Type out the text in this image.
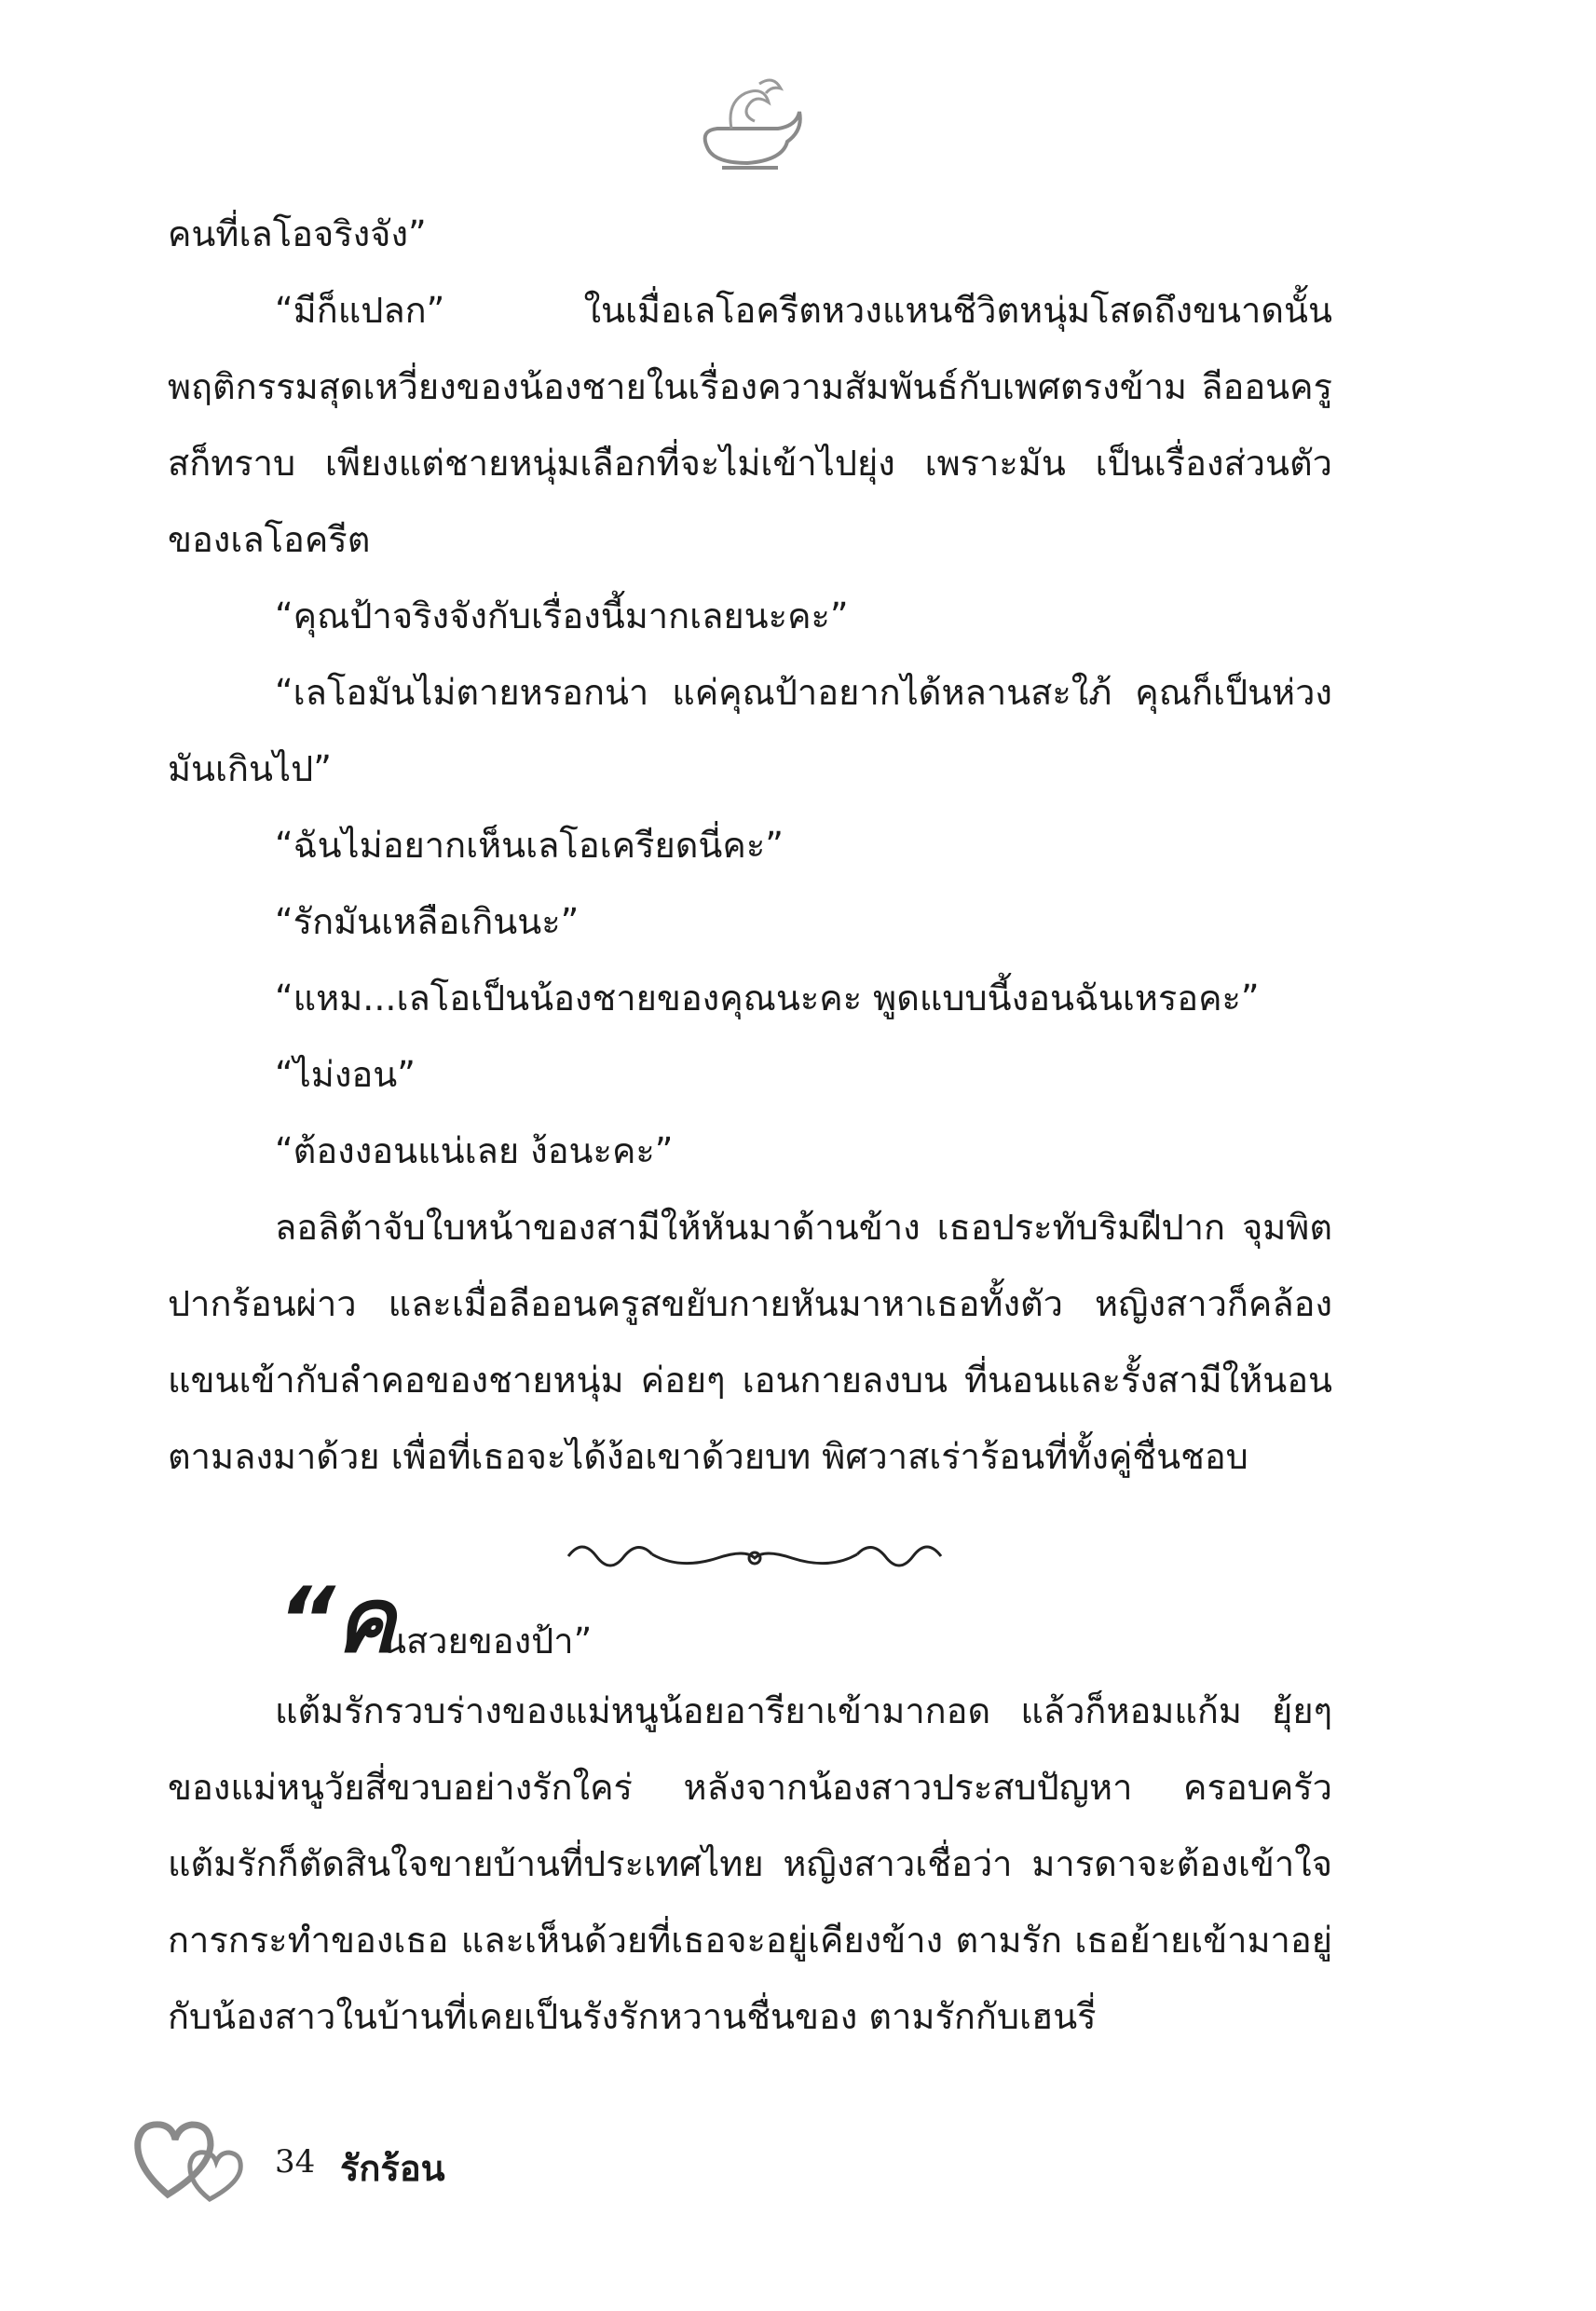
คนที่เลโอจริงจัง”

“มีก็แปลก” ในเมื่อเลโอครีตหวงแหนชีวิตหนุ่มโสดถึงขนาดนั้น พฤติกรรมสุดเหวี่ยงของน้องชายในเรื่องความสัมพันธ์กับเพศตรงข้าม ลีออนครูสก็ทราบ เพียงแต่ชายหนุ่มเลือกที่จะไม่เข้าไปยุ่ง เพราะมัน เป็นเรื่องส่วนตัวของเลโอครีต

“คุณป้าจริงจังกับเรื่องนี้มากเลยนะคะ”

“เลโอมันไม่ตายหรอกน่า แค่คุณป้าอยากได้หลานสะใภ้ คุณก็เป็นห่วง มันเกินไป”

“ฉันไม่อยากเห็นเลโอเครียดนี่คะ”

“รักมันเหลือเกินนะ”

“แหม...เลโอเป็นน้องชายของคุณนะคะ พูดแบบนี้งอนฉันเหรอคะ”

“ไม่งอน”

“ต้องงอนแน่เลย ง้อนะคะ”

ลอลิต้าจับใบหน้าของสามีให้หันมาด้านข้าง เธอประทับริมฝีปาก จุมพิตปากร้อนผ่าว และเมื่อลีออนครูสขยับกายหันมาหาเธอทั้งตัว หญิงสาวก็คล้องแขนเข้ากับลำคอของชายหนุ่ม ค่อยๆ เอนกายลงบน ที่นอนและรั้งสามีให้นอนตามลงมาด้วย เพื่อที่เธอจะได้ง้อเขาด้วยบท พิศวาสเร่าร้อนที่ทั้งคู่ชื่นชอบ

“ค
นสวยของป้า”

แต้มรักรวบร่างของแม่หนูน้อยอารียาเข้ามากอด แล้วก็หอมแก้ม ยุ้ยๆ ของแม่หนูวัยสี่ขวบอย่างรักใคร่ หลังจากน้องสาวประสบปัญหา ครอบครัว แต้มรักก็ตัดสินใจขายบ้านที่ประเทศไทย หญิงสาวเชื่อว่า มารดาจะต้องเข้าใจการกระทำของเธอ และเห็นด้วยที่เธอจะอยู่เคียงข้าง ตามรัก เธอย้ายเข้ามาอยู่กับน้องสาวในบ้านที่เคยเป็นรังรักหวานชื่นของ ตามรักกับเฮนรี่

34 รักร้อน
